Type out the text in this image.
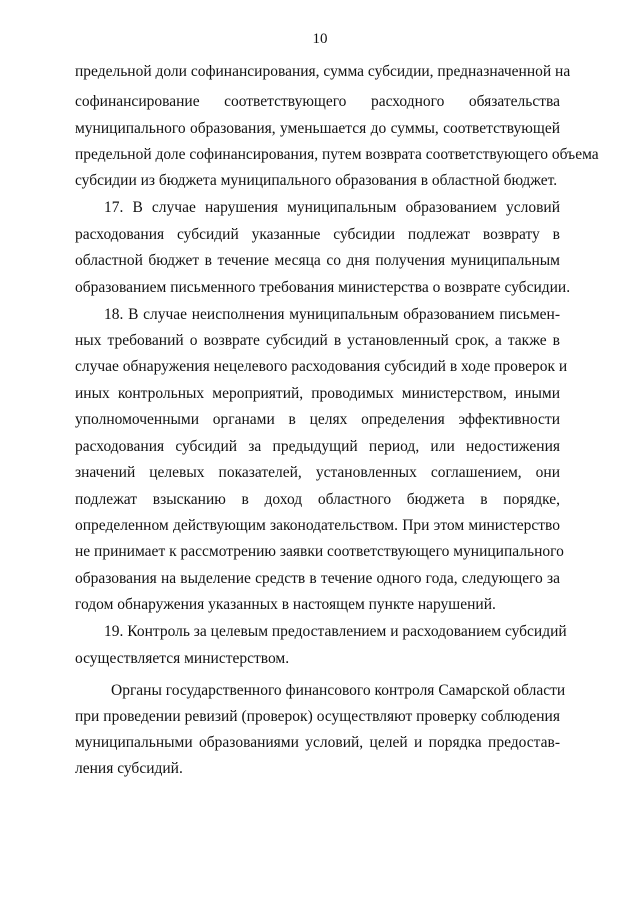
10
предельной доли софинансирования, сумма субсидии, предназначенной на
софинансирование соответствующего расходного обязательства
муниципального образования, уменьшается до суммы, соответствующей
предельной доле софинансирования, путем возврата соответствующего объема
субсидии из бюджета муниципального образования в областной бюджет.
17. В случае нарушения муниципальным образованием условий
расходования субсидий указанные субсидии подлежат возврату в
областной бюджет в течение месяца со дня получения муниципальным
образованием письменного требования министерства о возврате субсидии.
18. В случае неисполнения муниципальным образованием письмен-
ных требований о возврате субсидий в установленный срок, а также в
случае обнаружения нецелевого расходования субсидий в ходе проверок и
иных контрольных мероприятий, проводимых министерством, иными
уполномоченными органами в целях определения эффективности
расходования субсидий за предыдущий период, или недостижения
значений целевых показателей, установленных соглашением, они
подлежат взысканию в доход областного бюджета в порядке,
определенном действующим законодательством. При этом министерство
не принимает к рассмотрению заявки соответствующего муниципального
образования на выделение средств в течение одного года, следующего за
годом обнаружения указанных в настоящем пункте нарушений.
19. Контроль за целевым предоставлением и расходованием субсидий
осуществляется министерством.
Органы государственного финансового контроля Самарской области
при проведении ревизий (проверок) осуществляют проверку соблюдения
муниципальными образованиями условий, целей и порядка предостав-
ления субсидий.
